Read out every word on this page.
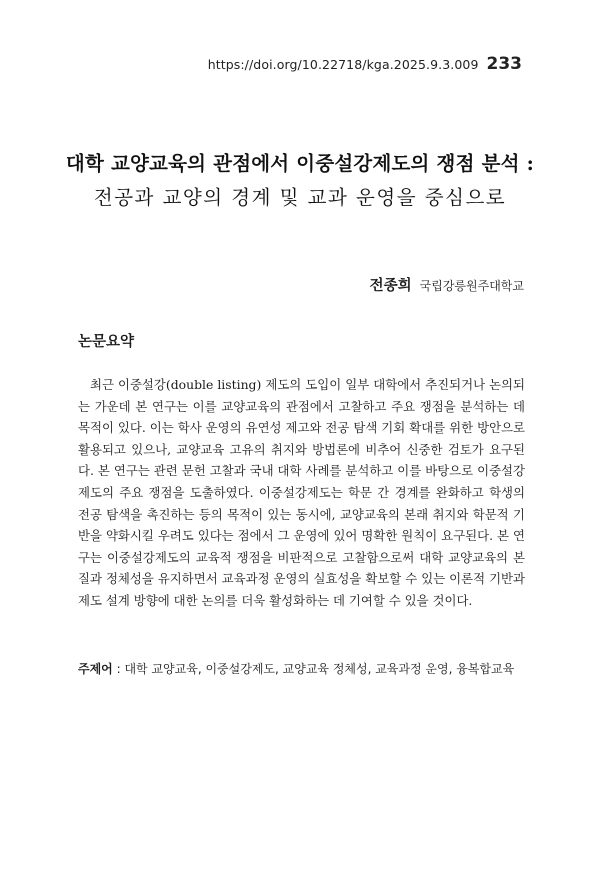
https://doi.org/10.22718/kga.2025.9.3.009 233
대학 교양교육의 관점에서 이중설강제도의 쟁점 분석 :
전공과 교양의 경계 및 교과 운영을 중심으로
전종희 국립강릉원주대학교
논문요약
최근 이중설강(double listing) 제도의 도입이 일부 대학에서 추진되거나 논의되는 가운데 본 연구는 이를 교양교육의 관점에서 고찰하고 주요 쟁점을 분석하는 데 목적이 있다. 이는 학사 운영의 유연성 제고와 전공 탐색 기회 확대를 위한 방안으로 활용되고 있으나, 교양교육 고유의 취지와 방법론에 비추어 신중한 검토가 요구된다. 본 연구는 관련 문헌 고찰과 국내 대학 사례를 분석하고 이를 바탕으로 이중설강제도의 주요 쟁점을 도출하였다. 이중설강제도는 학문 간 경계를 완화하고 학생의 전공 탐색을 촉진하는 등의 목적이 있는 동시에, 교양교육의 본래 취지와 학문적 기반을 약화시킬 우려도 있다는 점에서 그 운영에 있어 명확한 원칙이 요구된다. 본 연구는 이중설강제도의 교육적 쟁점을 비판적으로 고찰함으로써 대학 교양교육의 본질과 정체성을 유지하면서 교육과정 운영의 실효성을 확보할 수 있는 이론적 기반과 제도 설계 방향에 대한 논의를 더욱 활성화하는 데 기여할 수 있을 것이다.
주제어 : 대학 교양교육, 이중설강제도, 교양교육 정체성, 교육과정 운영, 융복합교육
